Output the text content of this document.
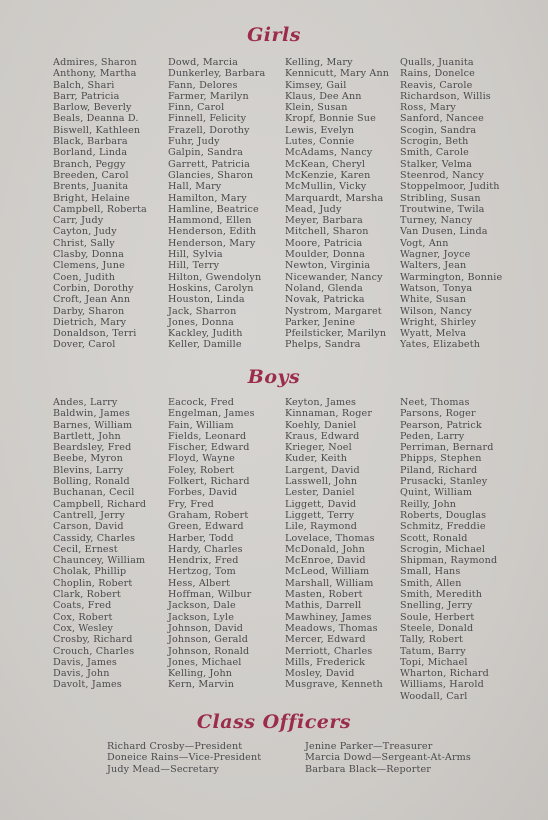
Girls
Admires, Sharon
Anthony, Martha
Balch, Shari
Barr, Patricia
Barlow, Beverly
Beals, Deanna D.
Biswell, Kathleen
Black, Barbara
Borland, Linda
Branch, Peggy
Breeden, Carol
Brents, Juanita
Bright, Helaine
Campbell, Roberta
Carr, Judy
Cayton, Judy
Christ, Sally
Clasby, Donna
Clemens, June
Coen, Judith
Corbin, Dorothy
Croft, Jean Ann
Darby, Sharon
Dietrich, Mary
Donaldson, Terri
Dover, Carol
Dowd, Marcia
Dunkerley, Barbara
Fann, Delores
Farmer, Marilyn
Finn, Carol
Finnell, Felicity
Frazell, Dorothy
Fuhr, Judy
Galpin, Sandra
Garrett, Patricia
Glancies, Sharon
Hall, Mary
Hamilton, Mary
Hamline, Beatrice
Hammond, Ellen
Henderson, Edith
Henderson, Mary
Hill, Sylvia
Hill, Terry
Hilton, Gwendolyn
Hoskins, Carolyn
Houston, Linda
Jack, Sharron
Jones, Donna
Kackley, Judith
Keller, Damille
Kelling, Mary
Kennicutt, Mary Ann
Kimsey, Gail
Klaus, Dee Ann
Klein, Susan
Kropf, Bonnie Sue
Lewis, Evelyn
Lutes, Connie
McAdams, Nancy
McKean, Cheryl
McKenzie, Karen
McMullin, Vicky
Marquardt, Marsha
Mead, Judy
Meyer, Barbara
Mitchell, Sharon
Moore, Patricia
Moulder, Donna
Newton, Virginia
Nicewander, Nancy
Noland, Glenda
Novak, Patricka
Nystrom, Margaret
Parker, Jenine
Pfeilsticker, Marilyn
Phelps, Sandra
Qualls, Juanita
Rains, Donelce
Reavis, Carole
Richardson, Willis
Ross, Mary
Sanford, Nancee
Scogin, Sandra
Scrogin, Beth
Smith, Carole
Stalker, Velma
Steenrod, Nancy
Stoppelmoor, Judith
Stribling, Susan
Troutwine, Twila
Turney, Nancy
Van Dusen, Linda
Vogt, Ann
Wagner, Joyce
Walters, Jean
Warmington, Bonnie
Watson, Tonya
White, Susan
Wilson, Nancy
Wright, Shirley
Wyatt, Melva
Yates, Elizabeth
Boys
Andes, Larry
Baldwin, James
Barnes, William
Bartlett, John
Beardsley, Fred
Beebe, Myron
Blevins, Larry
Bolling, Ronald
Buchanan, Cecil
Campbell, Richard
Cantrell, Jerry
Carson, David
Cassidy, Charles
Cecil, Ernest
Chauncey, William
Cholak, Phillip
Choplin, Robert
Clark, Robert
Coats, Fred
Cox, Robert
Cox, Wesley
Crosby, Richard
Crouch, Charles
Davis, James
Davis, John
Davolt, James
Eacock, Fred
Engelman, James
Fain, William
Fields, Leonard
Fischer, Edward
Floyd, Wayne
Foley, Robert
Folkert, Richard
Forbes, David
Fry, Fred
Graham, Robert
Green, Edward
Harber, Todd
Hardy, Charles
Hendrix, Fred
Hertzog, Tom
Hess, Albert
Hoffman, Wilbur
Jackson, Dale
Jackson, Lyle
Johnson, David
Johnson, Gerald
Johnson, Ronald
Jones, Michael
Kelling, John
Kern, Marvin
Keyton, James
Kinnaman, Roger
Koehly, Daniel
Kraus, Edward
Krieger, Noel
Kuder, Keith
Largent, David
Lasswell, John
Lester, Daniel
Liggett, David
Liggett, Terry
Lile, Raymond
Lovelace, Thomas
McDonald, John
McEnroe, David
McLeod, William
Marshall, William
Masten, Robert
Mathis, Darrell
Mawhiney, James
Meadows, Thomas
Mercer, Edward
Merriott, Charles
Mills, Frederick
Mosley, David
Musgrave, Kenneth
Neet, Thomas
Parsons, Roger
Pearson, Patrick
Peden, Larry
Perriman, Bernard
Phipps, Stephen
Piland, Richard
Prusacki, Stanley
Quint, William
Reilly, John
Roberts, Douglas
Schmitz, Freddie
Scott, Ronald
Scrogin, Michael
Shipman, Raymond
Small, Hans
Smith, Allen
Smith, Meredith
Snelling, Jerry
Soule, Herbert
Steele, Donald
Tally, Robert
Tatum, Barry
Topi, Michael
Wharton, Richard
Williams, Harold
Woodall, Carl
Class Officers
Richard Crosby—President
Doneice Rains—Vice-President
Judy Mead—Secretary
Jenine Parker—Treasurer
Marcia Dowd—Sergeant-At-Arms
Barbara Black—Reporter
